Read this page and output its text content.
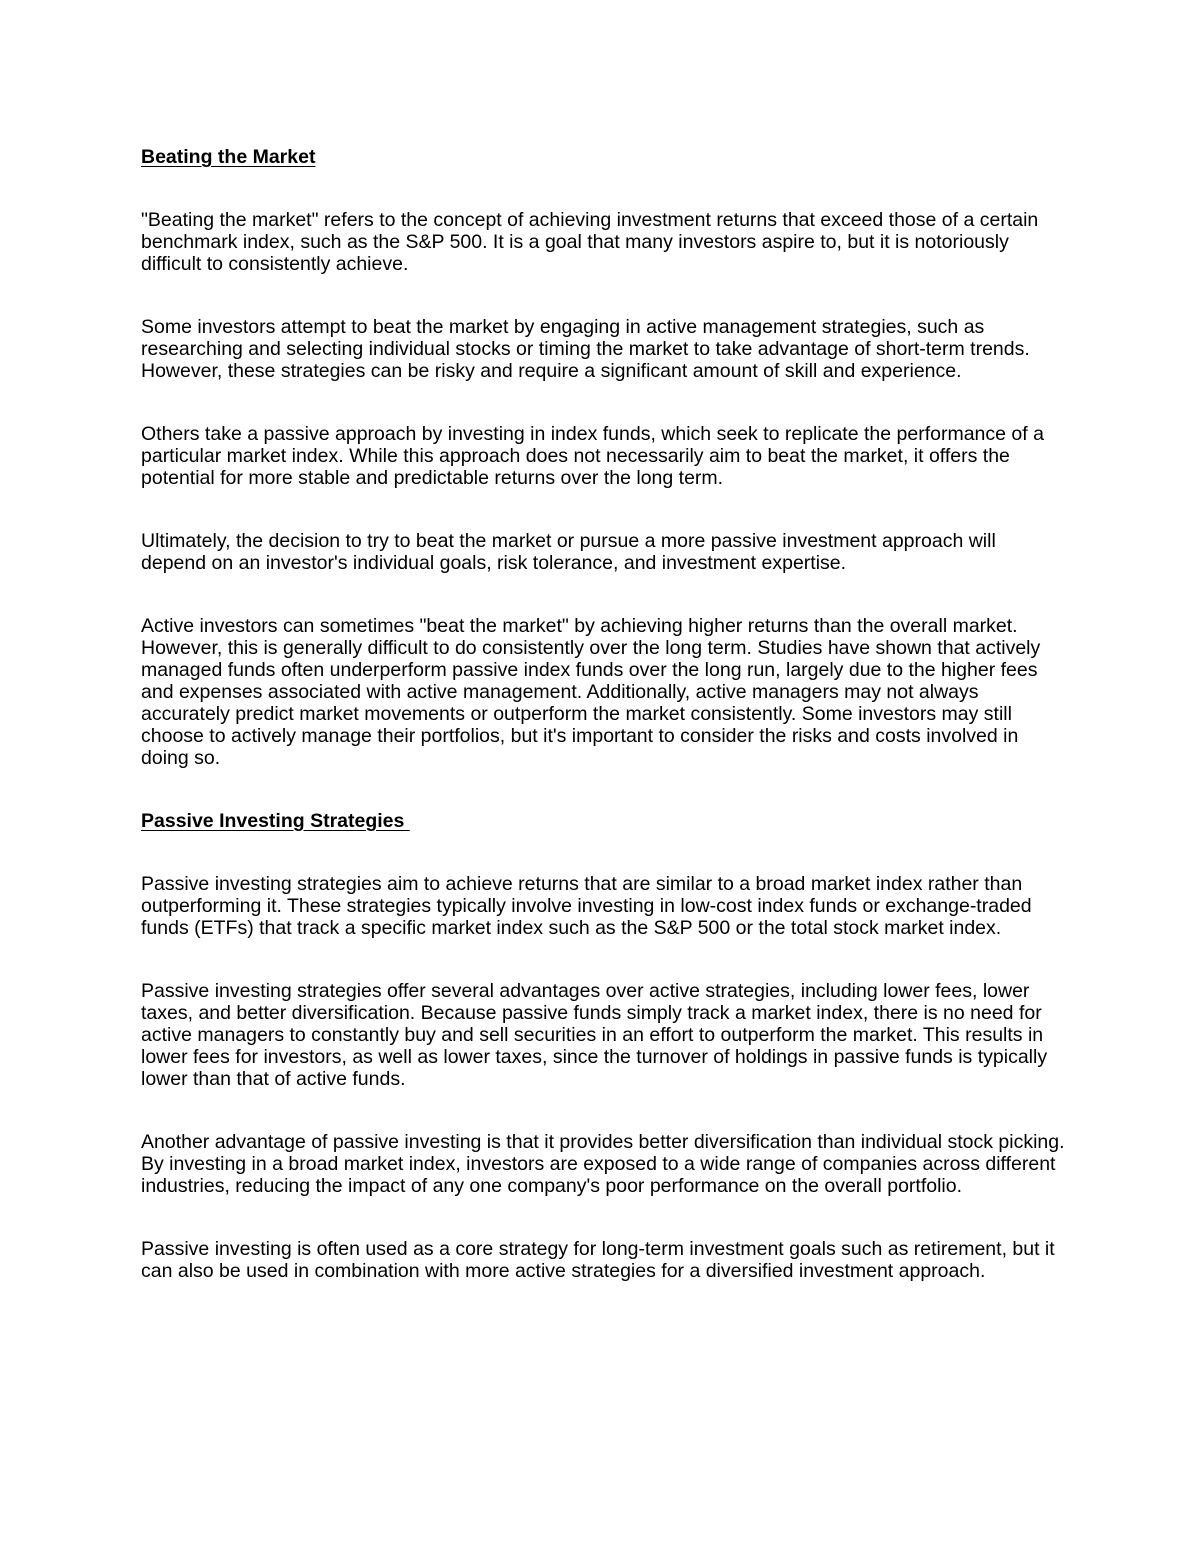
Beating the Market

"Beating the market" refers to the concept of achieving investment returns that exceed those of a certain benchmark index, such as the S&P 500. It is a goal that many investors aspire to, but it is notoriously difficult to consistently achieve.

Some investors attempt to beat the market by engaging in active management strategies, such as researching and selecting individual stocks or timing the market to take advantage of short-term trends. However, these strategies can be risky and require a significant amount of skill and experience.

Others take a passive approach by investing in index funds, which seek to replicate the performance of a particular market index. While this approach does not necessarily aim to beat the market, it offers the potential for more stable and predictable returns over the long term.

Ultimately, the decision to try to beat the market or pursue a more passive investment approach will depend on an investor's individual goals, risk tolerance, and investment expertise.

Active investors can sometimes "beat the market" by achieving higher returns than the overall market. However, this is generally difficult to do consistently over the long term. Studies have shown that actively managed funds often underperform passive index funds over the long run, largely due to the higher fees and expenses associated with active management. Additionally, active managers may not always accurately predict market movements or outperform the market consistently. Some investors may still choose to actively manage their portfolios, but it's important to consider the risks and costs involved in doing so.

Passive Investing Strategies

Passive investing strategies aim to achieve returns that are similar to a broad market index rather than outperforming it. These strategies typically involve investing in low-cost index funds or exchange-traded funds (ETFs) that track a specific market index such as the S&P 500 or the total stock market index.

Passive investing strategies offer several advantages over active strategies, including lower fees, lower taxes, and better diversification. Because passive funds simply track a market index, there is no need for active managers to constantly buy and sell securities in an effort to outperform the market. This results in lower fees for investors, as well as lower taxes, since the turnover of holdings in passive funds is typically lower than that of active funds.

Another advantage of passive investing is that it provides better diversification than individual stock picking. By investing in a broad market index, investors are exposed to a wide range of companies across different industries, reducing the impact of any one company's poor performance on the overall portfolio.

Passive investing is often used as a core strategy for long-term investment goals such as retirement, but it can also be used in combination with more active strategies for a diversified investment approach.
